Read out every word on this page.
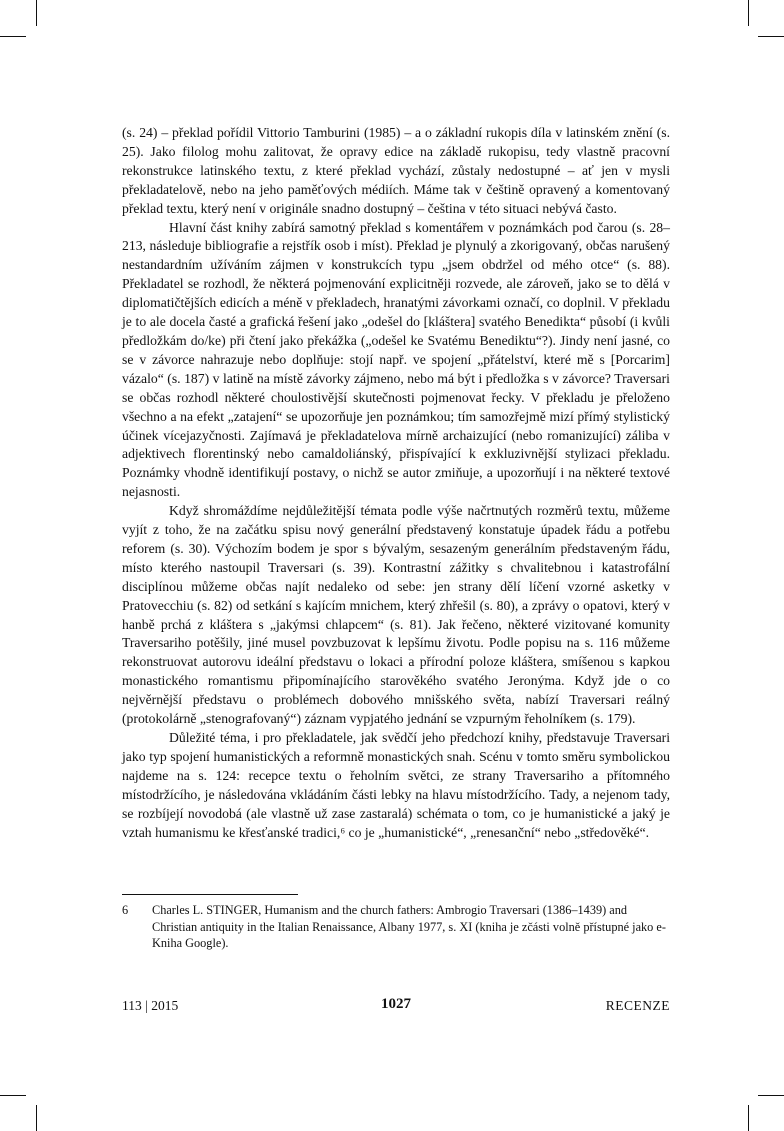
(s. 24) – překlad pořídil Vittorio Tamburini (1985) – a o základní rukopis díla v latinském znění (s. 25). Jako filolog mohu zalitovat, že opravy edice na základě rukopisu, tedy vlastně pracovní rekonstrukce latinského textu, z které překlad vychází, zůstaly nedostupné – ať jen v mysli překladatelově, nebo na jeho paměťových médiích. Máme tak v češtině opravený a komentovaný překlad textu, který není v originále snadno dostupný – čeština v této situaci nebývá často.

Hlavní část knihy zabírá samotný překlad s komentářem v poznámkách pod čarou (s. 28–213, následuje bibliografie a rejstřík osob i míst). Překlad je plynulý a zkorigovaný, občas narušený nestandardním užíváním zájmen v konstrukcích typu „jsem obdržel od mého otce“ (s. 88). Překladatel se rozhodl, že některá pojmenování explicitněji rozvede, ale zároveň, jako se to dělá v diplomatičtějších edicích a méně v překladech, hranatými závorkami označí, co doplnil. V překladu je to ale docela časté a grafická řešení jako „odešel do [kláštera] svatého Benedikta“ působí (i kvůli předložkám do/ke) při čtení jako překážka („odešel ke Svatému Benediktu“?). Jindy není jasné, co se v závorce nahrazuje nebo doplňuje: stojí např. ve spojení „přátelství, které mě s [Porcarim] vázalo“ (s. 187) v latině na místě závorky zájmeno, nebo má být i předložka s v závorce? Traversari se občas rozhodl některé choulostivější skutečnosti pojmenovat řecky. V překladu je přeloženo všechno a na efekt „zatajení“ se upozorňuje jen poznámkou; tím samozřejmě mizí přímý stylistický účinek vícejazyčnosti. Zajímavá je překladatelova mírně archaizující (nebo romanizující) záliba v adjektivech florentinský nebo camaldoliánský, přispívající k exkluzivnější stylizaci překladu. Poznámky vhodně identifikují postavy, o nichž se autor zmiňuje, a upozorňují i na některé textové nejasnosti.

Když shromáždíme nejdůležitější témata podle výše načrtnutých rozměrů textu, můžeme vyjít z toho, že na začátku spisu nový generální představený konstatuje úpadek řádu a potřebu reforem (s. 30). Výchozím bodem je spor s bývalým, sesazeným generálním představeným řádu, místo kterého nastoupil Traversari (s. 39). Kontrastní zážitky s chvalitebnou i katastrofální disciplínou můžeme občas najít nedaleko od sebe: jen strany dělí líčení vzorné asketky v Pratovecchiu (s. 82) od setkání s kajícím mnichem, který zhřešil (s. 80), a zprávy o opatovi, který v hanbě prchá z kláštera s „jakýmsi chlapcem“ (s. 81). Jak řečeno, některé vizitované komunity Traversariho potěšily, jiné musel povzbuzovat k lepšímu životu. Podle popisu na s. 116 můžeme rekonstruovat autorovu ideální představu o lokaci a přírodní poloze kláštera, smíšenou s kapkou monastického romantismu připomínajícího starověkého svatého Jeronýma. Když jde o co nejvěrnější představu o problémech dobového mnišského světa, nabízí Traversari reálný (protokolárně „stenografovaný“) záznam vypjatého jednání se vzpurným řeholníkem (s. 179).

Důležité téma, i pro překladatele, jak svědčí jeho předchozí knihy, představuje Traversari jako typ spojení humanistických a reformně monastických snah. Scénu v tomto směru symbolickou najdeme na s. 124: recepce textu o řeholním světci, ze strany Traversariho a přítomného místodržícího, je následována vkládáním části lebky na hlavu místodržícího. Tady, a nejenom tady, se rozbíjejí novodobá (ale vlastně už zase zastaralá) schémata o tom, co je humanistické a jaký je vztah humanismu ke křesťanské tradici,⁶ co je „humanistické“, „renesanční“ nebo „středověké“.

6	Charles L. STINGER, Humanism and the church fathers: Ambrogio Traversari (1386–1439) and Christian antiquity in the Italian Renaissance, Albany 1977, s. XI (kniha je zčásti volně přístupné jako e-Kniha Google).
113 | 2015	1027	RECENZE
